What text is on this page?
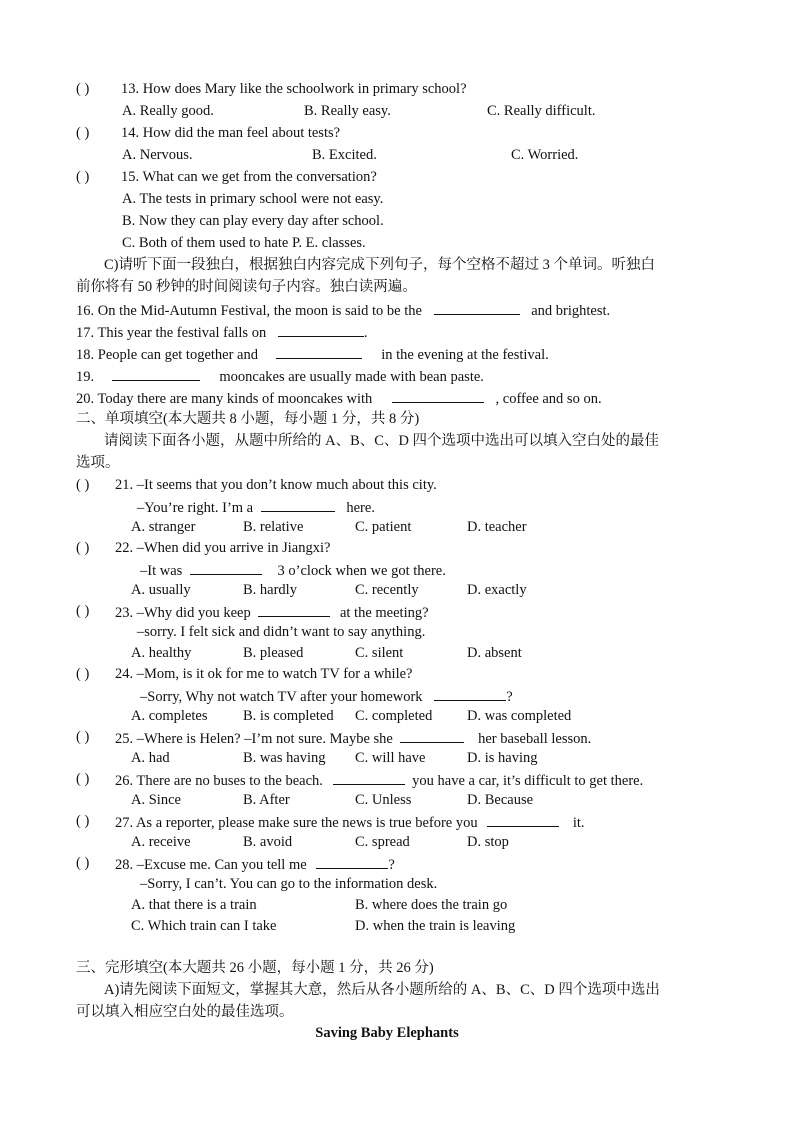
( ) 13. How does Mary like the schoolwork in primary school?
A. Really good.	B. Really easy.	C. Really difficult.
( ) 14. How did the man feel about tests?
A. Nervous.	B. Excited.	C. Worried.
( ) 15. What can we get from the conversation?
A. The tests in primary school were not easy.
B. Now they can play every day after school.
C. Both of them used to hate P. E. classes.
C)请听下面一段独白，根据独白内容完成下列句子，每个空格不超过 3 个单词。听独白
前你将有 50 秒钟的时间阅读句子内容。独白读两遍。
16. On the Mid-Autumn Festival, the moon is said to be the	and brightest.
17. This year the festival falls on	.
18. People can get together and	in the evening at the festival.
19.	mooncakes are usually made with bean paste.
20. Today there are many kinds of mooncakes with	, coffee and so on.
二、单项填空(本大题共 8 小题，每小题 1 分，共 8 分)
请阅读下面各小题，从题中所给的 A、B、C、D 四个选项中选出可以填入空白处的最佳
选项。
( ) 21. –It seems that you don’t know much about this city.
–You’re right. I’m a	here.
A. stranger	B. relative	C. patient	D. teacher
( ) 22. –When did you arrive in Jiangxi?
–It was	3 o’clock when we got there.
A. usually	B. hardly	C. recently	D. exactly
( ) 23. –Why did you keep	at the meeting?
–sorry. I felt sick and didn’t want to say anything.
A. healthy	B. pleased	C. silent	D. absent
( ) 24. –Mom, is it ok for me to watch TV for a while?
–Sorry, Why not watch TV after your homework	?
A. completes B. is completed C. completed D. was completed
( ) 25. –Where is Helen? –I’m not sure. Maybe she	her baseball lesson.
A. had	B. was having C. will have	D. is having
( ) 26. There are no buses to the beach.	you have a car, it’s difficult to get there.
A. Since	B. After	C. Unless	D. Because
( ) 27. As a reporter, please make sure the news is true before you	it.
A. receive	B. avoid	C. spread	D. stop
( ) 28. –Excuse me. Can you tell me	?
–Sorry, I can’t. You can go to the information desk.
A. that there is a train	B. where does the train go
C. Which train can I take	D. when the train is leaving
三、完形填空(本大题共 26 小题，每小题 1 分，共 26 分)
A)请先阅读下面短文，掌握其大意，然后从各小题所给的 A、B、C、D 四个选项中选出
可以填入相应空白处的最佳选项。
Saving Baby Elephants
